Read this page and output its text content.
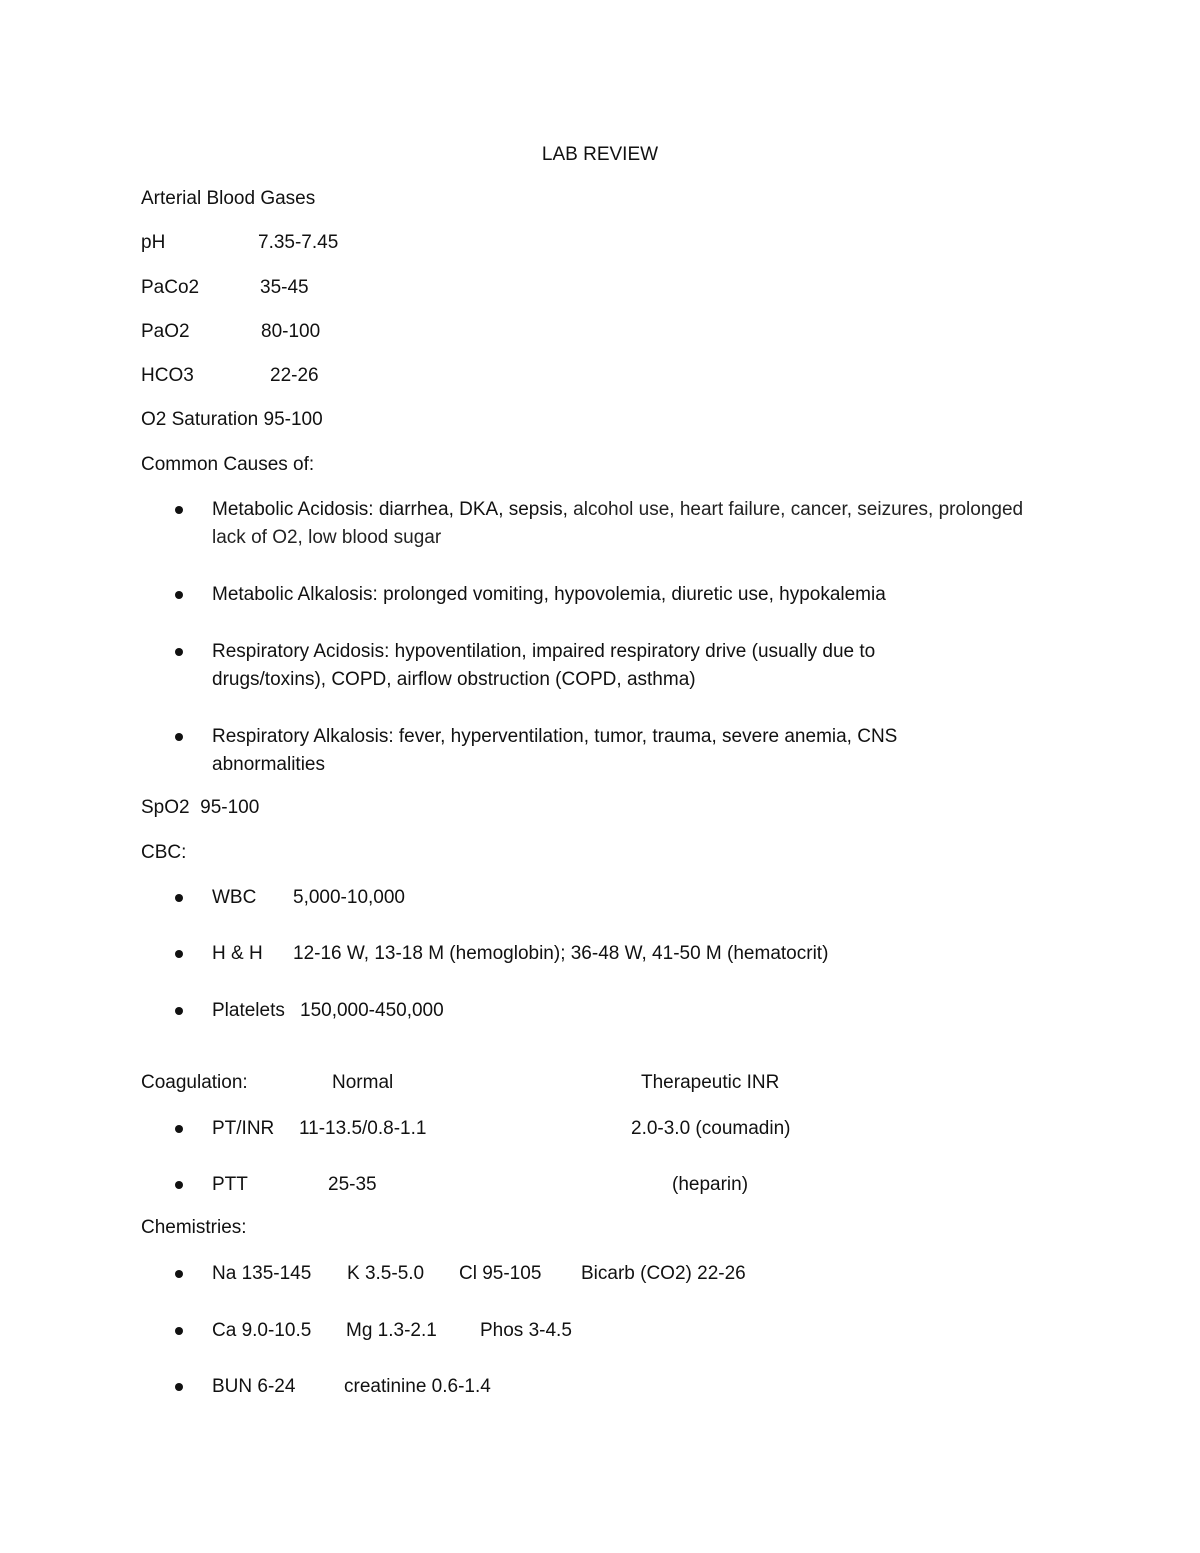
LAB REVIEW
Arterial Blood Gases
pH	7.35-7.45
PaCo2	35-45
PaO2	80-100
HCO3	22-26
O2 Saturation 95-100
Common Causes of:
Metabolic Acidosis: diarrhea, DKA, sepsis, alcohol use, heart failure, cancer, seizures, prolonged
lack of O2, low blood sugar
Metabolic Alkalosis: prolonged vomiting, hypovolemia, diuretic use, hypokalemia
Respiratory Acidosis: hypoventilation, impaired respiratory drive (usually due to
drugs/toxins), COPD, airflow obstruction (COPD, asthma)
Respiratory Alkalosis: fever, hyperventilation, tumor, trauma, severe anemia, CNS
abnormalities
SpO2  95-100
CBC:
WBC 5,000-10,000
H & H 12-16 W, 13-18 M (hemoglobin); 36-48 W, 41-50 M (hematocrit)
Platelets 150,000-450,000
Coagulation:	Normal	Therapeutic INR
PT/INR 11-13.5/0.8-1.1	2.0-3.0 (coumadin)
PTT	25-35	(heparin)
Chemistries:
Na 135-145 K 3.5-5.0 Cl 95-105 Bicarb (CO2) 22-26
Ca 9.0-10.5 Mg 1.3-2.1 Phos 3-4.5
BUN 6-24	creatinine 0.6-1.4
